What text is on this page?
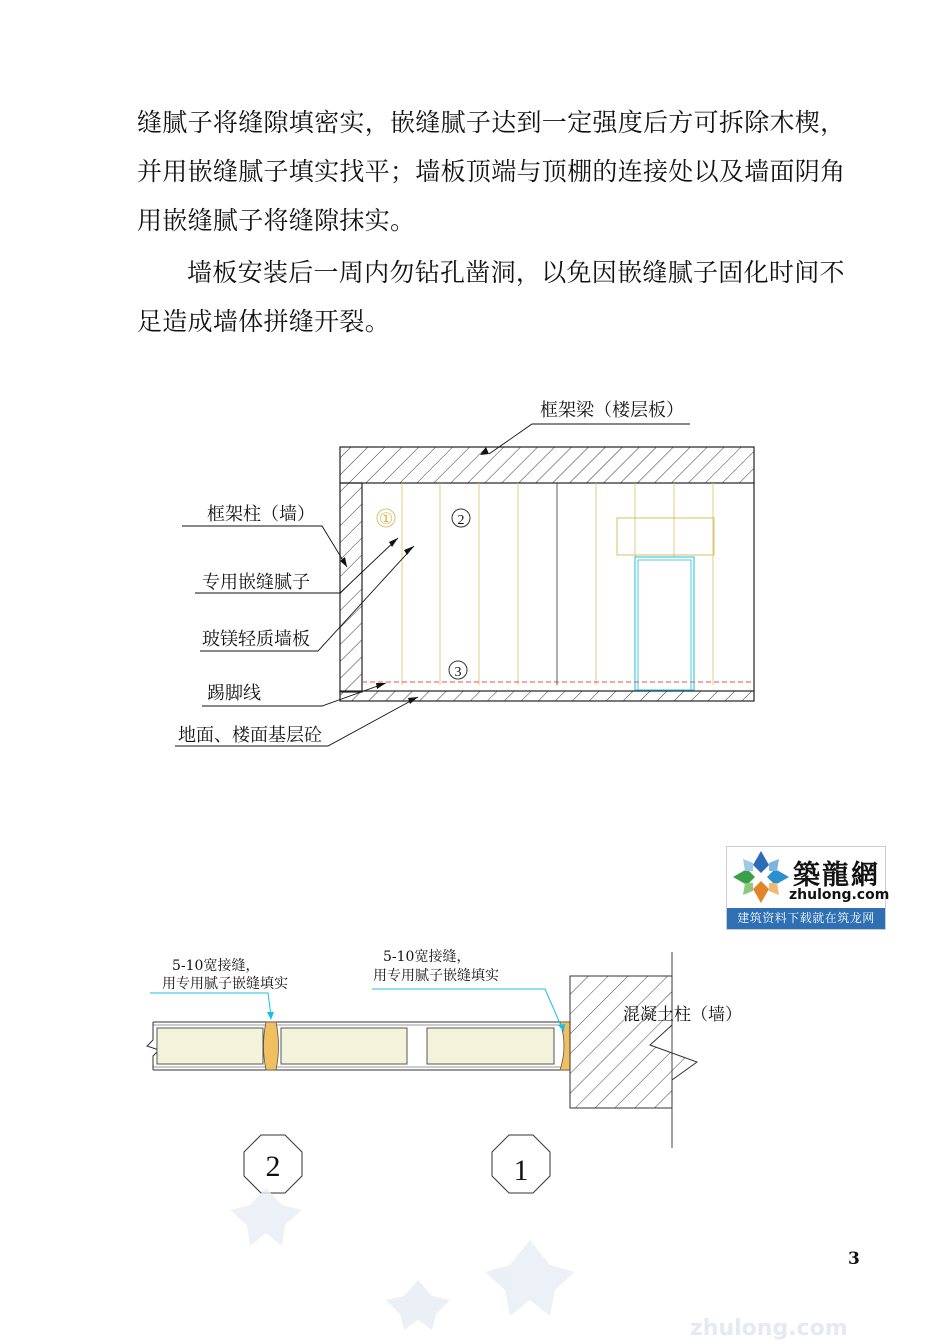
缝腻子将缝隙填密实，嵌缝腻子达到一定强度后方可拆除木楔，并用嵌缝腻子填实找平；墙板顶端与顶棚的连接处以及墙面阴角用嵌缝腻子将缝隙抹实。

墙板安装后一周内勿钻孔凿洞，以免因嵌缝腻子固化时间不足造成墙体拼缝开裂。

2	1
①	2
3
框架梁（楼层板）
框架柱（墙）
专用嵌缝腻子
玻镁轻质墙板
踢脚线
地面、楼面基层砼
5-10宽接缝，
用专用腻子嵌缝填实
5-10宽接缝，
用专用腻子嵌缝填实
混凝土柱（墙）
築龍網
zhulong.com
建筑资料下载就在筑龙网
3
zhulong.com
